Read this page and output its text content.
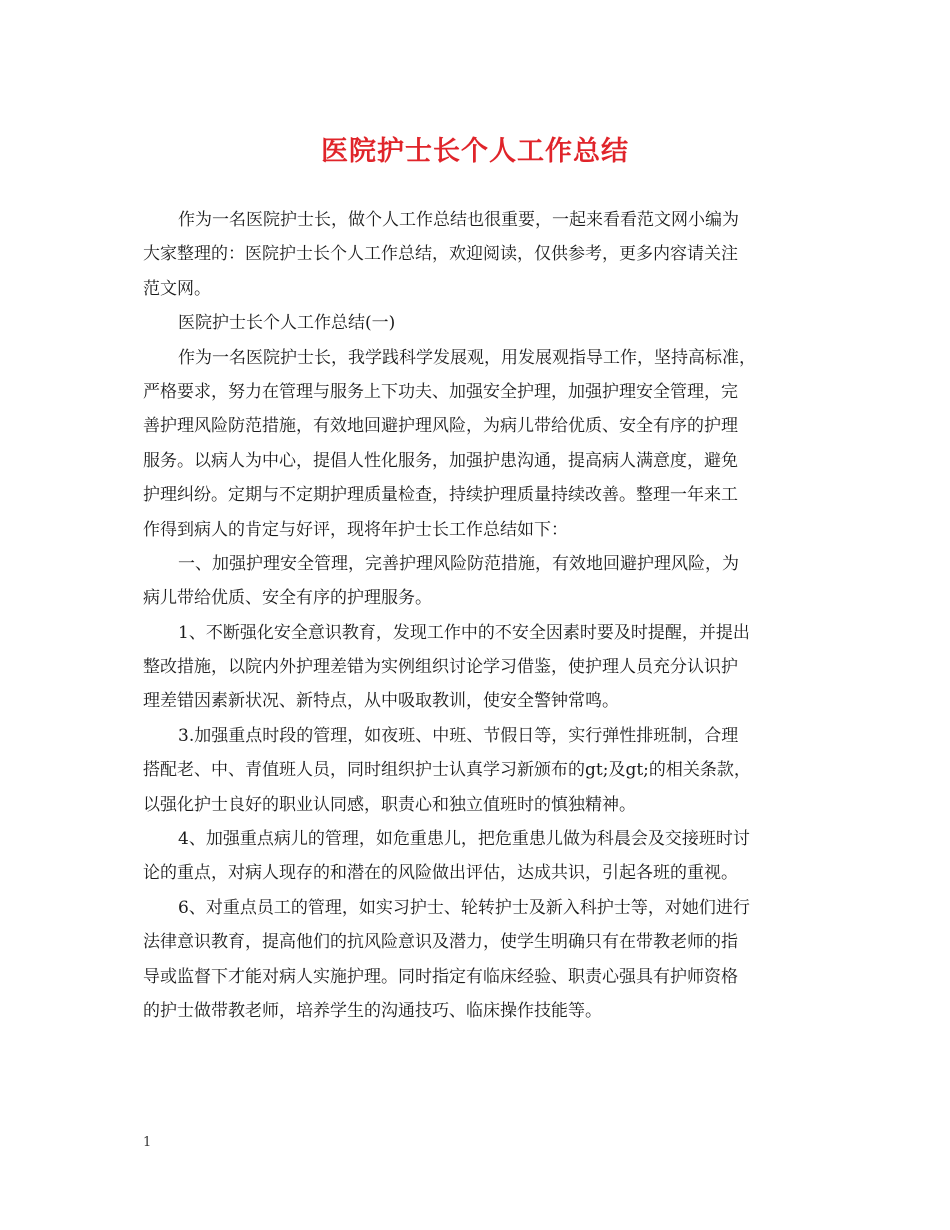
医院护士长个人工作总结
作为一名医院护士长，做个人工作总结也很重要，一起来看看范文网小编为
大家整理的：医院护士长个人工作总结，欢迎阅读，仅供参考，更多内容请关注
范文网。
医院护士长个人工作总结(一)
作为一名医院护士长，我学践科学发展观，用发展观指导工作，坚持高标准，
严格要求，努力在管理与服务上下功夫、加强安全护理，加强护理安全管理，完
善护理风险防范措施，有效地回避护理风险，为病儿带给优质、安全有序的护理
服务。以病人为中心，提倡人性化服务，加强护患沟通，提高病人满意度，避免
护理纠纷。定期与不定期护理质量检查，持续护理质量持续改善。整理一年来工
作得到病人的肯定与好评，现将年护士长工作总结如下：
一、加强护理安全管理，完善护理风险防范措施，有效地回避护理风险，为
病儿带给优质、安全有序的护理服务。
1、不断强化安全意识教育，发现工作中的不安全因素时要及时提醒，并提出
整改措施，以院内外护理差错为实例组织讨论学习借鉴，使护理人员充分认识护
理差错因素新状况、新特点，从中吸取教训，使安全警钟常鸣。
3.加强重点时段的管理，如夜班、中班、节假日等，实行弹性排班制，合理
搭配老、中、青值班人员，同时组织护士认真学习新颁布的gt;及gt;的相关条款，
以强化护士良好的职业认同感，职责心和独立值班时的慎独精神。
4、加强重点病儿的管理，如危重患儿，把危重患儿做为科晨会及交接班时讨
论的重点，对病人现存的和潜在的风险做出评估，达成共识，引起各班的重视。
6、对重点员工的管理，如实习护士、轮转护士及新入科护士等，对她们进行
法律意识教育，提高他们的抗风险意识及潜力，使学生明确只有在带教老师的指
导或监督下才能对病人实施护理。同时指定有临床经验、职责心强具有护师资格
的护士做带教老师，培养学生的沟通技巧、临床操作技能等。
1
